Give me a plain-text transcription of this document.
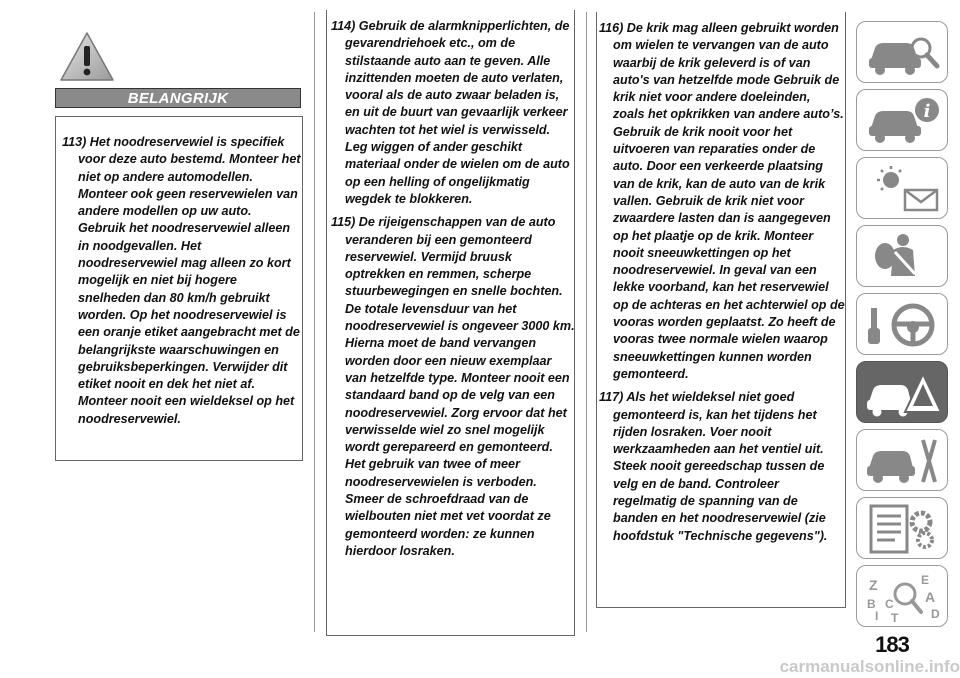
BELANGRIJK

113) Het noodreservewiel is specifiek voor deze auto bestemd. Monteer het niet op andere automodellen. Monteer ook geen reservewielen van andere modellen op uw auto. Gebruik het noodreservewiel alleen in noodgevallen. Het noodreservewiel mag alleen zo kort mogelijk en niet bij hogere snelheden dan 80 km/h gebruikt worden. Op het noodreservewiel is een oranje etiket aangebracht met de belangrijkste waarschuwingen en gebruiksbeperkingen. Verwijder dit etiket nooit en dek het niet af. Monteer nooit een wieldeksel op het noodreservewiel.

114) Gebruik de alarmknipperlichten, de gevarendriehoek etc., om de stilstaande auto aan te geven. Alle inzittenden moeten de auto verlaten, vooral als de auto zwaar beladen is, en uit de buurt van gevaarlijk verkeer wachten tot het wiel is verwisseld. Leg wiggen of ander geschikt materiaal onder de wielen om de auto op een helling of ongelijkmatig wegdek te blokkeren.

115) De rijeigenschappen van de auto veranderen bij een gemonteerd reservewiel. Vermijd bruusk optrekken en remmen, scherpe stuurbewegingen en snelle bochten. De totale levensduur van het noodreservewiel is ongeveer 3000 km. Hierna moet de band vervangen worden door een nieuw exemplaar van hetzelfde type. Monteer nooit een standaard band op de velg van een noodreservewiel. Zorg ervoor dat het verwisselde wiel zo snel mogelijk wordt gerepareerd en gemonteerd. Het gebruik van twee of meer noodreservewielen is verboden. Smeer de schroefdraad van de wielbouten niet met vet voordat ze gemonteerd worden: ze kunnen hierdoor losraken.

116) De krik mag alleen gebruikt worden om wielen te vervangen van de auto waarbij de krik geleverd is of van auto's van hetzelfde mode Gebruik de krik niet voor andere doeleinden, zoals het opkrikken van andere auto’s. Gebruik de krik nooit voor het uitvoeren van reparaties onder de auto. Door een verkeerde plaatsing van de krik, kan de auto van de krik vallen. Gebruik de krik niet voor zwaardere lasten dan is aangegeven op het plaatje op de krik. Monteer nooit sneeuwkettingen op het noodreservewiel. In geval van een lekke voorband, kan het reservewiel op de achteras en het achterwiel op de vooras worden geplaatst. Zo heeft de vooras twee normale wielen waarop sneeuwkettingen kunnen worden gemonteerd.

117) Als het wieldeksel niet goed gemonteerd is, kan het tijdens het rijden losraken. Voer nooit werkzaamheden aan het ventiel uit. Steek nooit gereedschap tussen de velg en de band. Controleer regelmatig de spanning van de banden en het noodreservewiel (zie hoofdstuk "Technische gegevens").

i
Z	E
A
B C
D
I T
183
carmanualsonline.info
